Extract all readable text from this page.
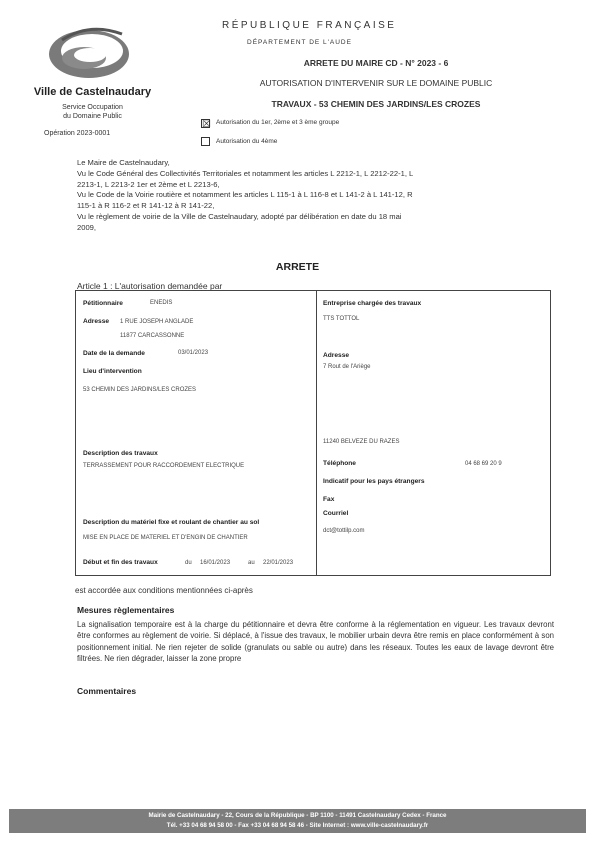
Ville de Castelnaudary
Service Occupation
du Domaine Public
Opération 2023-0001
RÉPUBLIQUE FRANÇAISE
DÉPARTEMENT DE L'AUDE
ARRETE DU MAIRE CD - N° 2023 - 6
AUTORISATION D'INTERVENIR SUR LE DOMAINE PUBLIC
TRAVAUX - 53 CHEMIN DES JARDINS/LES CROZES
☒ Autorisation du 1er, 2ème et 3 ème groupe
Autorisation du 4ème
Le Maire de Castelnaudary,
Vu le Code Général des Collectivités Territoriales et notamment les articles L 2212-1, L 2212-22-1, L
2213-1, L 2213-2 1er et 2ème et L 2213-6,
Vu le Code de la Voirie routière et notamment les articles L 115-1 à L 116-8 et L 141-2 à L 141-12, R
115-1 à R 116-2 et R 141-12 à R 141-22,
Vu le règlement de voirie de la Ville de Castelnaudary, adopté par délibération en date du 18 mai
2009,
ARRETE
Article 1 : L'autorisation demandée par
Pétitionnaire	ENEDIS
Adresse 1 RUE JOSEPH ANGLADE
11877 CARCASSONNE
Date de la demande	03/01/2023
Lieu d'intervention
53 CHEMIN DES JARDINS/LES CROZES
Description des travaux
TERRASSEMENT POUR RACCORDEMENT ELECTRIQUE
Description du matériel fixe et roulant de chantier au sol
MISE EN PLACE DE MATERIEL ET D'ENGIN DE CHANTIER
Début et fin des travaux	du 16/01/2023	au 22/01/2023
Entreprise chargée des travaux
TTS TOTTOL
Adresse
7 Rout de l'Ariège
11240 BELVEZE DU RAZES
Téléphone	04 68 69 20 9
Indicatif pour les pays étrangers
Fax
Courriel
dct@tottilp.com
est accordée aux conditions mentionnées ci-après
Mesures règlementaires
La signalisation temporaire est à la charge du pétitionnaire et devra être conforme à la réglementation en vigueur. Les travaux devront être conformes au règlement de voirie. Si déplacé, à l'issue des travaux, le mobilier urbain devra être remis en place conformément à son positionnement initial. Ne rien rejeter de solide (granulats ou sable ou autre) dans les réseaux. Toutes les eaux de lavage devront être filtrées. Ne rien dégrader, laisser la zone propre
Commentaires
Mairie de Castelnaudary - 22, Cours de la République - BP 1100 - 11491 Castelnaudary Cedex - France
Tél. +33 04 68 94 58 00 - Fax +33 04 68 94 58 46 - Site Internet : www.ville-castelnaudary.fr
